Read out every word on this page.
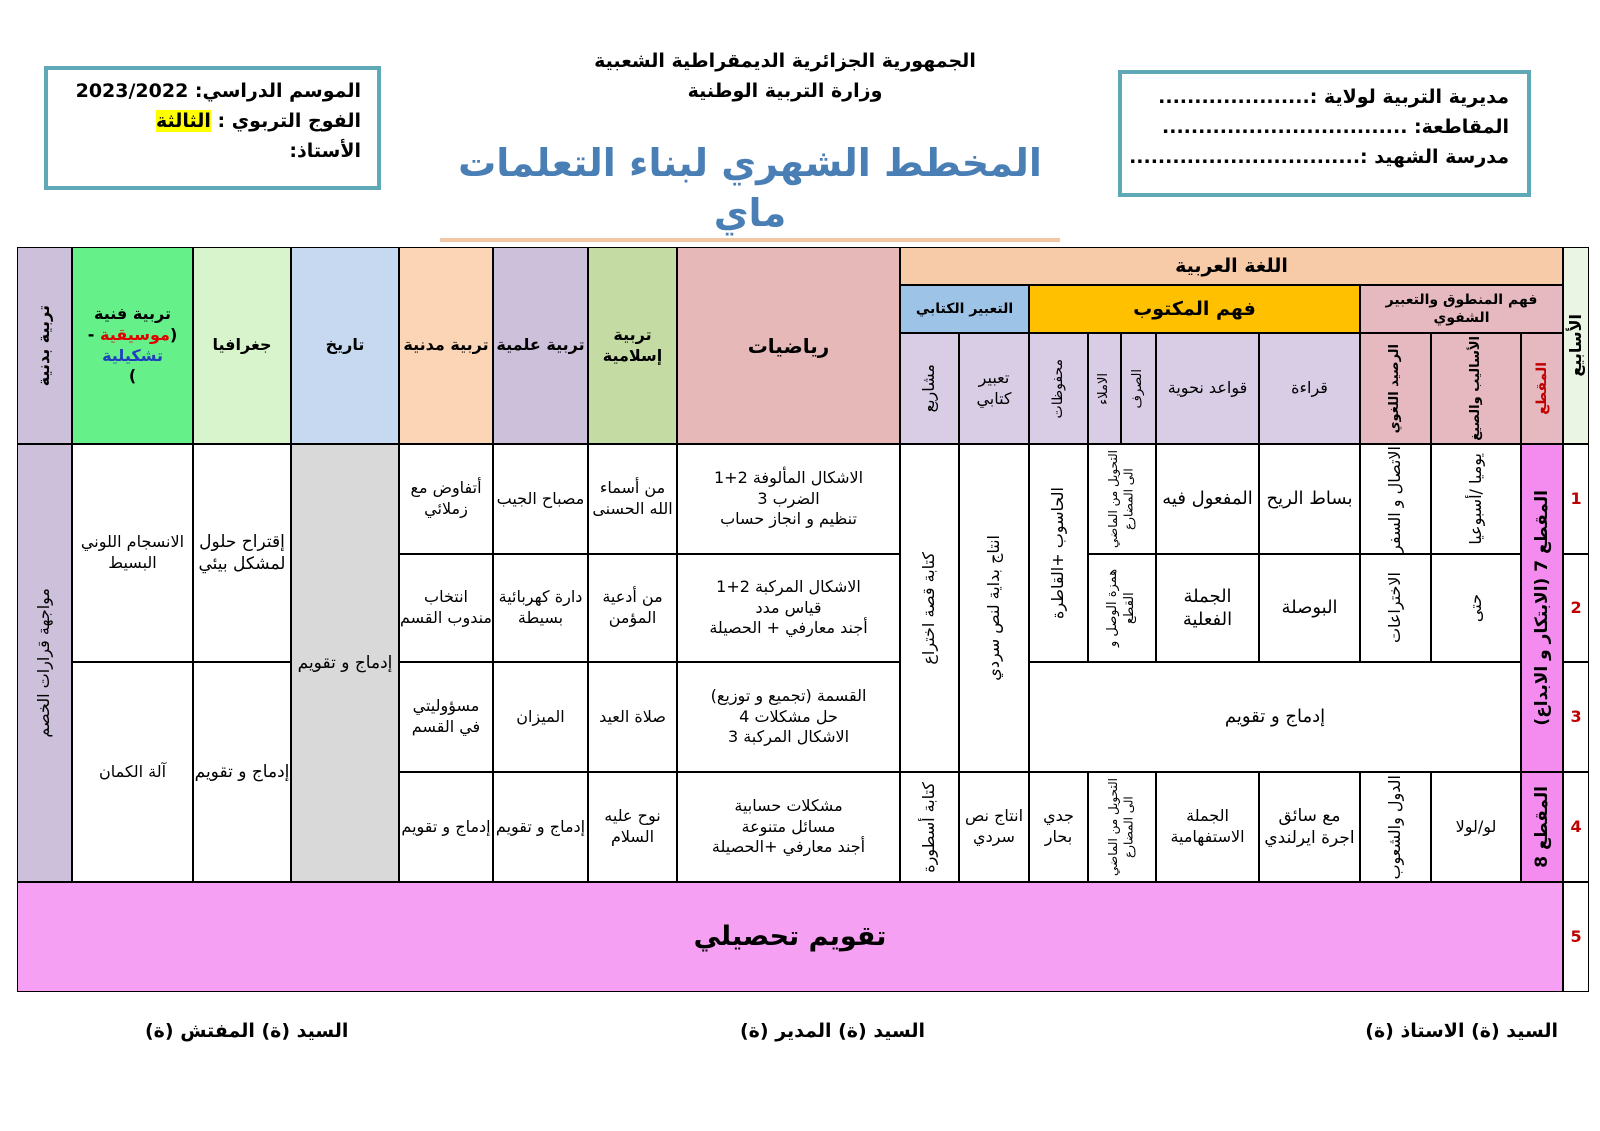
الجمهورية الجزائرية الديمقراطية الشعبية
وزارة التربية الوطنية
المخطط الشهري لبناء التعلمات ماي
مديرية التربية لولاية :.....................
المقاطعة: ..................................
مدرسة الشهيد :................................
الموسم الدراسي: 2023/2022
الفوج التربوي : الثالثة
الأستاذ:
الأسابيع
اللغة العربية
فهم المنطوق والتعبير الشفوي
فهم المكتوب
التعبير الكتابي
المقطع
الأساليب والصيغ
الرصيد اللغوي
قراءة
قواعد نحوية
الصرف
الاملاء
محفوظات
تعبير كتابي
مشاريع
رياضيات
تربية إسلامية
تربية علمية
تربية مدنية
تاريخ
جغرافيا
تربية فنية
(موسيقية -
تشكيلية
)
تربية بدنية
1
2
3
4
5
المقطع 7 (الابتكار و الابداع)
المقطع 8
يوميا /أسبوعيا
الاتصال و السفر
بساط الريح
المفعول فيه
التحويل من الماضي الى المضارع
حتى
الاختراعات
البوصلة
الجملة الفعلية
همزة الوصل و القطع
الحاسوب +القاطرة
انتاج بداية لنص سردي
كتابة قصة اختراع
إدماج و تقويم
لو/لولا
الدول والشعوب
مع سائق اجرة ايرلندي
الجملة الاستفهامية
التحويل من الماضي الى المضارع
جدي بحار
انتاج نص سردي
كتابة أسطورة
الاشكال المألوفة 2+1
الضرب 3
تنظيم و انجاز حساب
الاشكال المركبة 2+1
قياس مدد
أجند معارفي + الحصيلة
القسمة (تجميع و توزيع)
حل مشكلات 4
الاشكال المركبة 3
مشكلات حسابية
مسائل متنوعة
أجند معارفي +الحصيلة
من أسماء الله الحسنى
من أدعية المؤمن
صلاة العيد
نوح عليه السلام
مصباح الجيب
دارة كهربائية بسيطة
الميزان
إدماج و تقويم
أتفاوض مع زملائي
انتخاب مندوب القسم
مسؤوليتي في القسم
إدماج و تقويم
إدماج و تقويم
إقتراح حلول لمشكل بيئي
إدماج و تقويم
الانسجام اللوني البسيط
آلة الكمان
مواجهة قرارات الخصم
تقويم تحصيلي
السيد (ة) الاستاذ (ة)
السيد (ة) المدير (ة)
السيد (ة) المفتش (ة)
